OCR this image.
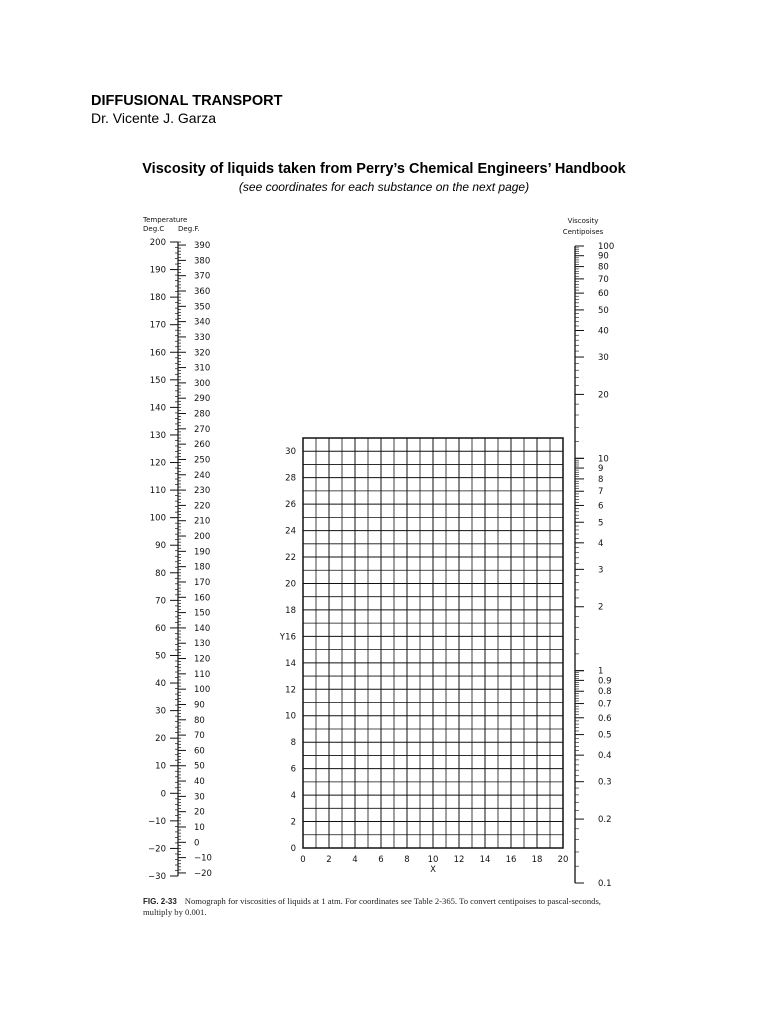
DIFFUSIONAL TRANSPORT
Dr. Vicente J. Garza
Viscosity of liquids taken from Perry’s Chemical Engineers’ Handbook
(see coordinates for each substance on the next page)
Temperature
Deg.C Deg.F.
200
190
180
170
160
150
140
130
120
110
100
90
80
70
60
50
40
30
20
10
0
−10
−20
−30
390
380
370
360
350
340
330
320
310
300
290
280
270
260
250
240
230
220
210
200
190
180
170
160
150
140
130
120
110
100
90
80
70
60
50
40
30
20
10
0
−10
−20
0 2 4 6 8 10 12 14 16 18 20
0
2
4
6
8
10
12
14
16
18
20
22
24
26
28
30
X
Y
Viscosity
Centipoises
100
90
80
70
60
50
40
30
20
10
9
8
7
6
5
4
3
2
1
0.9
0.8
0.7
0.6
0.5
0.4
0.3
0.2
0.1
FIG. 2-33 Nomograph for viscosities of liquids at 1 atm. For coordinates see Table 2-365. To convert centipoises to pascal-seconds, multiply by 0.001.
